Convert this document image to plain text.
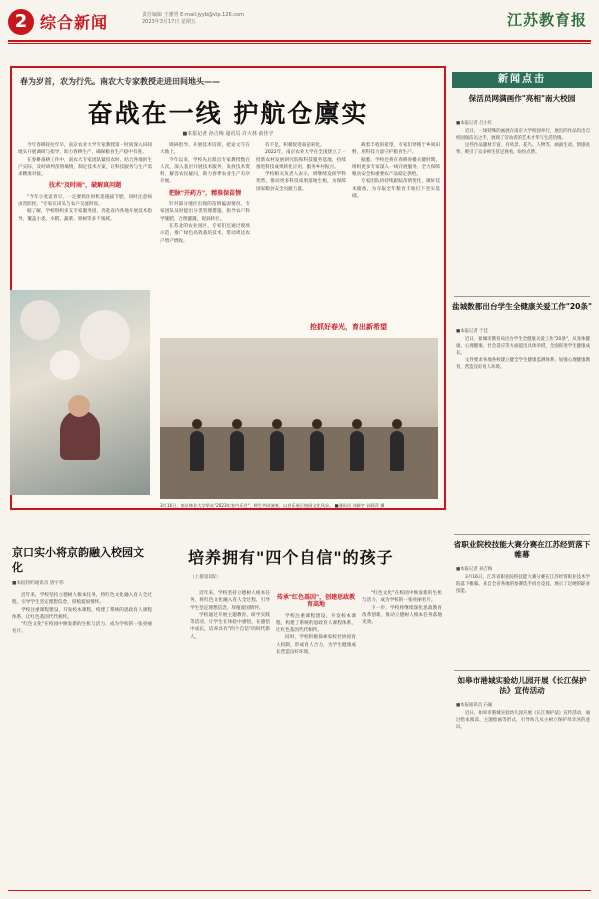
2 综合新闻	责任编辑 王雅男 E-mail:jyyb@vip.126.com
2023年3月17日 星期五	江苏教育报
春为岁首，农为行先。南农大专家教授走进田间地头——
奋战在一线 护航仓廪实
■本报记者 孙吉梅 通讯员 许大林 俞佳宇

今年春耕较往年早，南京农业大学专家教授第一时间深入田间地头开展调研与指导，助力春耕生产，确保粮食生产稳中有进。

在春耕备耕工作中，南农大专家团队紧扣农时，结合各地的生产实际，及时研判苗情墒情，制定技术方案，让科技服务与生产需求精准对接。

技术"及时雨"，破解真问题

"今年小麦返青早，一定要抓住时机追施拔节肥，同时注意病虫害防控。"专家在田头与农户交流时说。

据了解，学校组织多支专家服务团，奔赴省内各地开展技术指导，覆盖小麦、水稻、蔬菜、果树等多个领域。

调研指导、开展技术培训，把论文写在大地上。

今年以来，学校先后派出专家教授数百人次，深入基层开展技术服务，发放技术资料，解答农民疑问，助力春季农业生产有序开展。

把脉"开药方"，精准保苗情

针对部分地区出现的苗情偏弱情况，专家团队及时提出分类管理措施，指导农户科学施肥、合理灌溉，促弱转壮。

在苏北的农业园区，专家们还通过现场示范，推广绿色高效栽培技术，带动周边农户增产增收。

有不足，积极促进弱苗转化。

2022年，南京农业大学在全国建立了一批新农村发展研究院和科技服务基地，持续推进科技成果转化应用，服务乡村振兴。

学校相关负责人表示，将继续发挥学科优势，推动更多科技成果落地生根，为保障国家粮食安全贡献力量。

载着丰收的希望，专家们穿梭于乡间田野，用科技力量守护粮食生产。

据悉，学校还将在春耕春播关键时期，组织更多专家深入一线开展服务，全力保障粮食安全和重要农产品稳定供给。

专家团队将持续跟踪苗情变化，做好技术储备，为夺取全年粮食丰收打下坚实基础。

抢抓好春光，育出新希望
3月16日，南京林业大学举办"2023年室内乐会"，师生共同演奏，以音乐展示校园文化风采。 ■通讯员 刘新宇 孙莉萍 摄
京口实小将京韵融入校园文化
■本报特约通讯员 唐宇伟
培养拥有"四个自信"的孩子
（上接第1版）

近年来，学校坚持立德树人根本任务，将红色文化融入育人全过程，引导学生坚定理想信念，厚植爱国情怀。

学校通过开展主题教育、研学实践等活动，让学生在体验中感悟，在感悟中成长，培养具有"四个自信"的时代新人。

传承"红色基因"，创建思政教育高地

学校注重课程建设，开发校本课程，构建了系统的思政育人课程体系，让红色基因代代相传。

同时，学校积极探索家校社协同育人机制，形成育人合力，为学生健康成长营造良好环境。

"红色文化"在校园中焕发新的生机与活力，成为学校的一张亮丽名片。

下一步，学校将继续深化思政教育改革创新，推动立德树人根本任务落地见效。

近年来，学校坚持立德树人根本任务，将红色文化融入育人全过程，引导学生坚定理想信念，厚植爱国情怀。

学校注重课程建设，开发校本课程，构建了系统的思政育人课程体系，让红色基因代代相传。

"红色文化"在校园中焕发新的生机与活力，成为学校的一张亮丽名片。

新闻点击
保活员网满画作"亮相"南大校园
■本报记者 吕小红

近日，一场特殊的画展在南京大学校园举行，展出的作品均出自校园保洁员之手，展现了劳动者的艺术才华与生活热情。

这些作品题材丰富，有风景、花鸟、人物等，画面生动，情感真挚，吸引了众多师生驻足观看，纷纷点赞。

盐城数都出台学生全健康关爱工作"20条"
■本报记者 于佳

近日，盐城市教育局出台学生全健康关爱工作"20条"，从身体健康、心理健康、社会适应等方面提出具体举措，全面促进学生健康成长。

文件要求各地各校建立健全学生健康监测体系，加强心理健康教育，营造良好育人环境。

省职业院校技能大赛分赛在江苏经贸落下帷幕
■本报记者 孙吉梅

3月16日，江苏省职业院校技能大赛分赛在江苏经贸职业技术学院落下帷幕，来自全省各地的参赛选手同台竞技，展示了过硬的职业技能。

如皋市港城实验幼儿园开展《长江保护法》宣传活动
■本报通讯员 石颖

近日，如皋市港城实验幼儿园开展《长江保护法》宣传活动，通过绘本阅读、主题绘画等形式，引导幼儿从小树立保护母亲河的意识。
